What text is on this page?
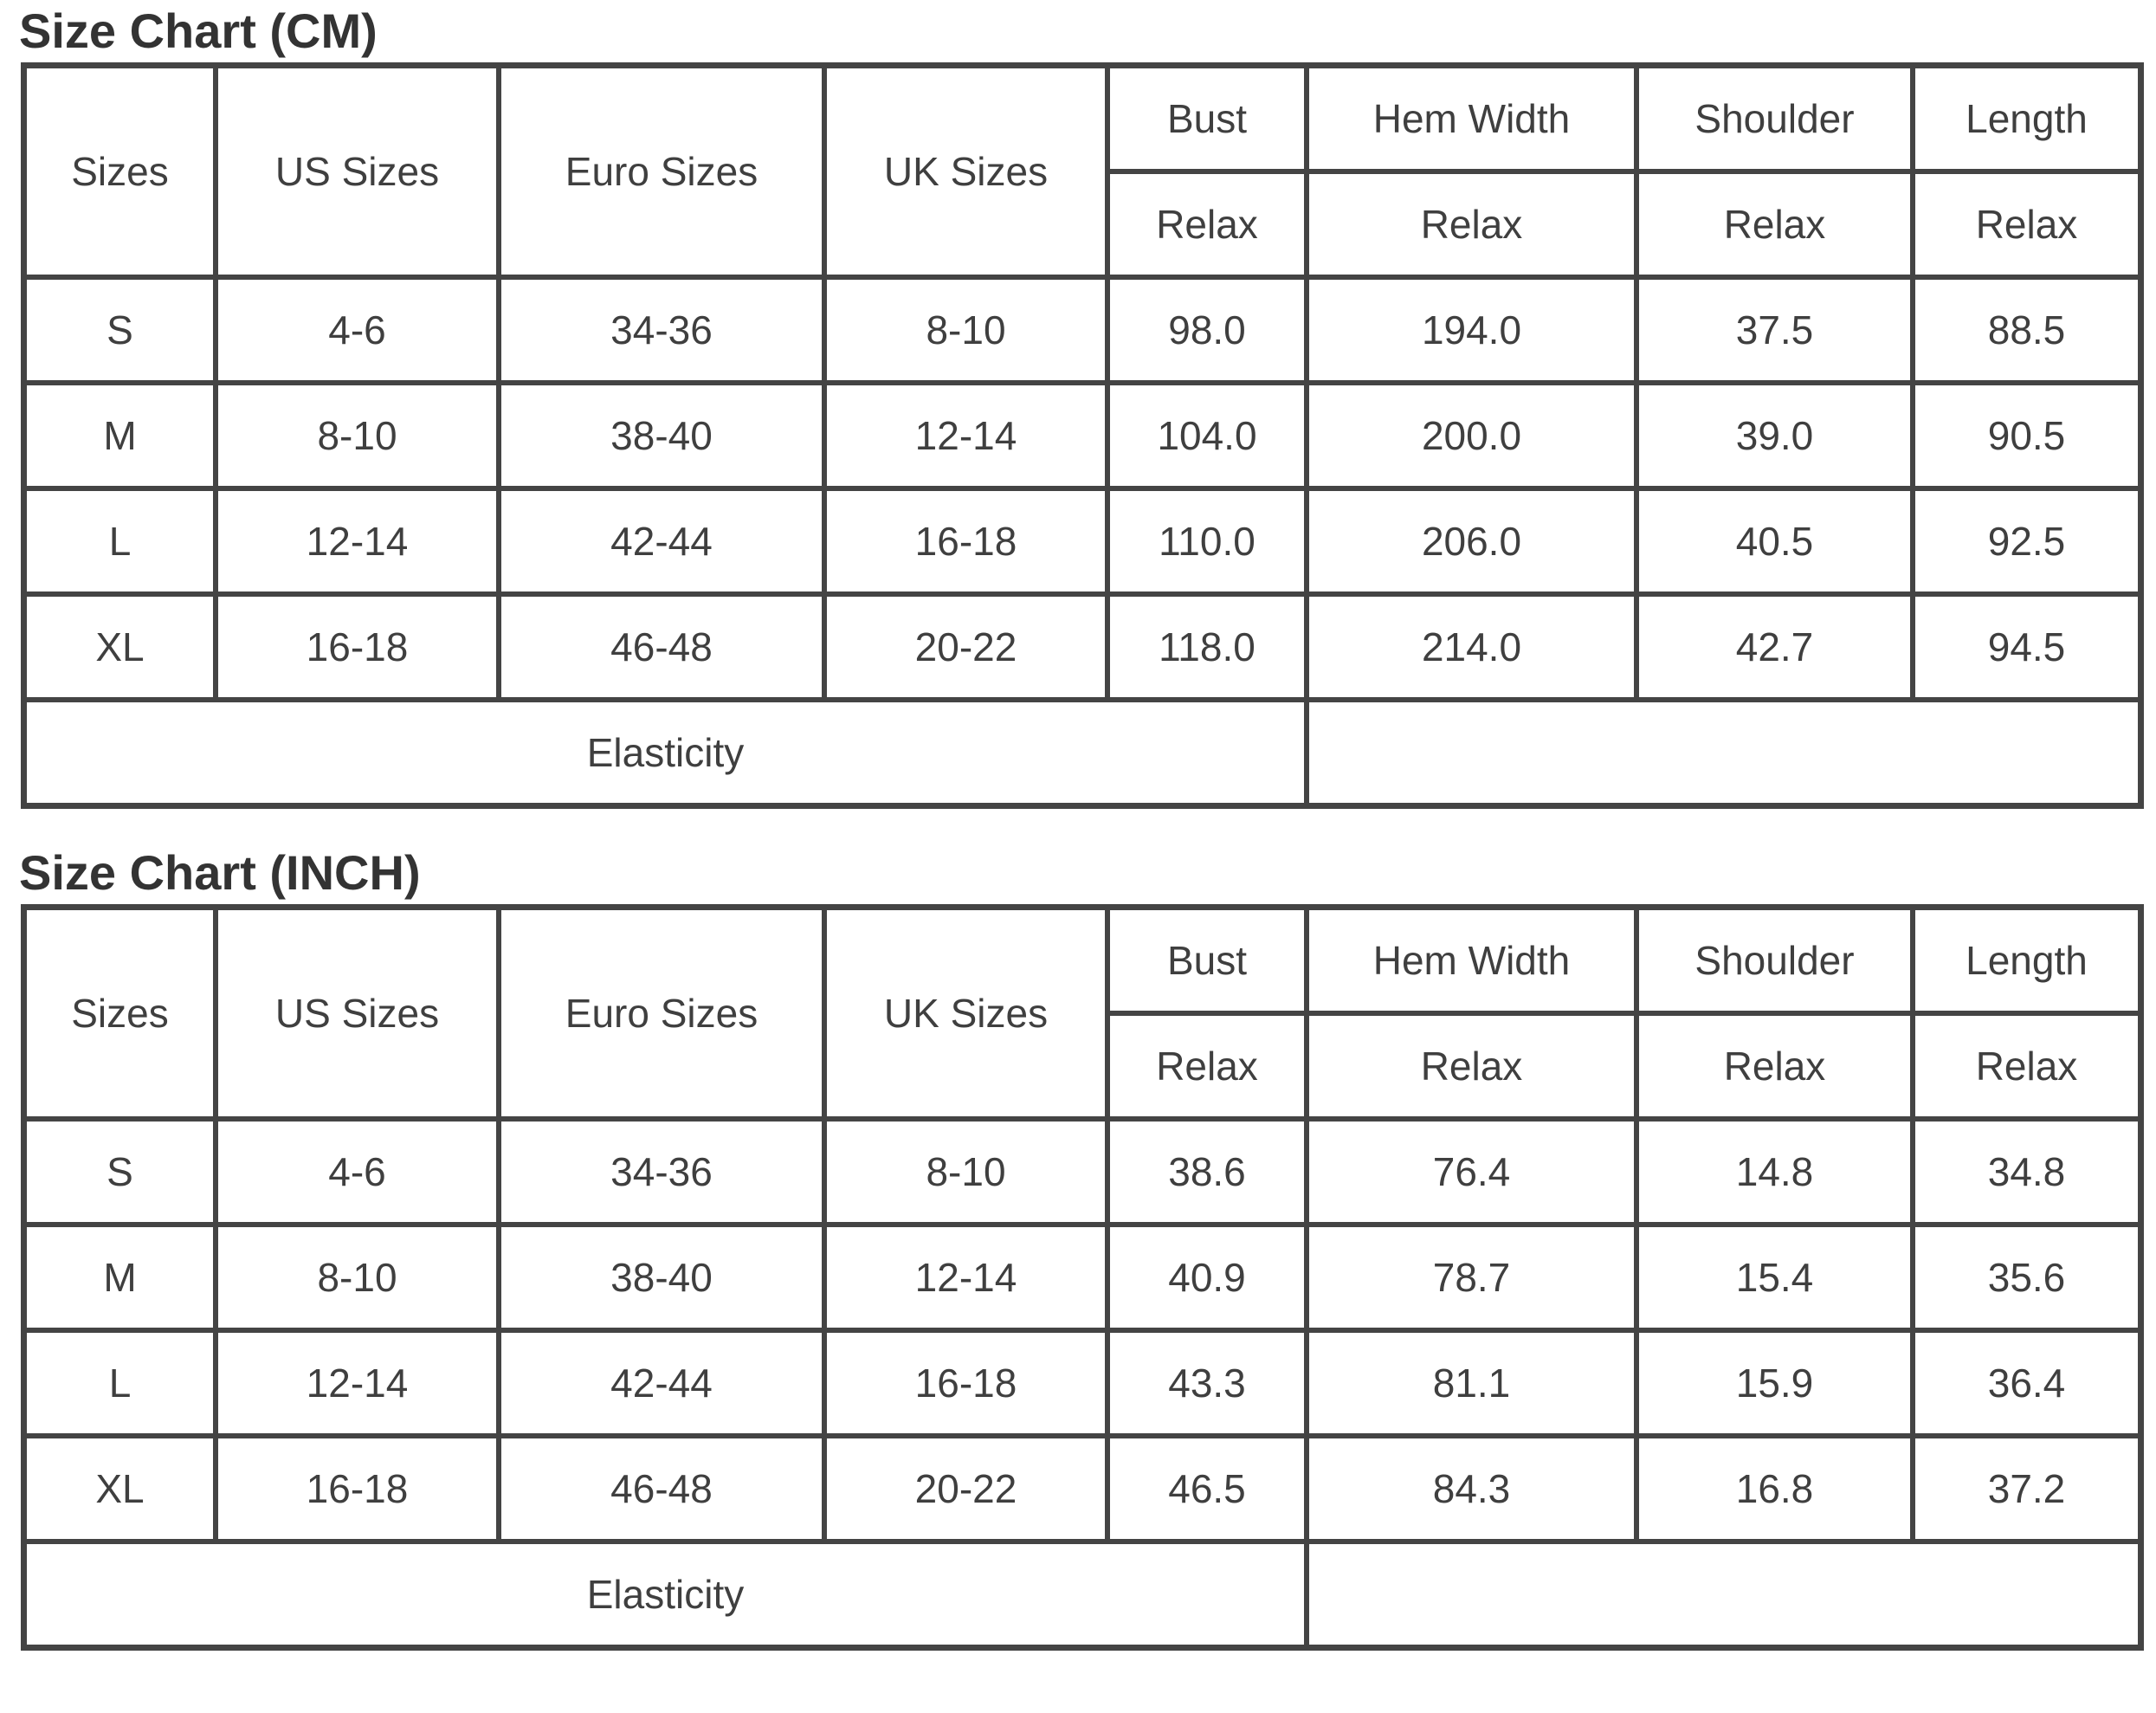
Size Chart (CM)
Sizes	US Sizes	Euro Sizes	UK Sizes	Bust	Hem Width	Shoulder	Length
				Relax	Relax	Relax	Relax
S	4-6	34-36	8-10	98.0	194.0	37.5	88.5
M	8-10	38-40	12-14	104.0	200.0	39.0	90.5
L	12-14	42-44	16-18	110.0	206.0	40.5	92.5
XL	16-18	46-48	20-22	118.0	214.0	42.7	94.5
Elasticity							
Size Chart (INCH)
Sizes	US Sizes	Euro Sizes	UK Sizes	Bust	Hem Width	Shoulder	Length
				Relax	Relax	Relax	Relax
S	4-6	34-36	8-10	38.6	76.4	14.8	34.8
M	8-10	38-40	12-14	40.9	78.7	15.4	35.6
L	12-14	42-44	16-18	43.3	81.1	15.9	36.4
XL	16-18	46-48	20-22	46.5	84.3	16.8	37.2
Elasticity							
